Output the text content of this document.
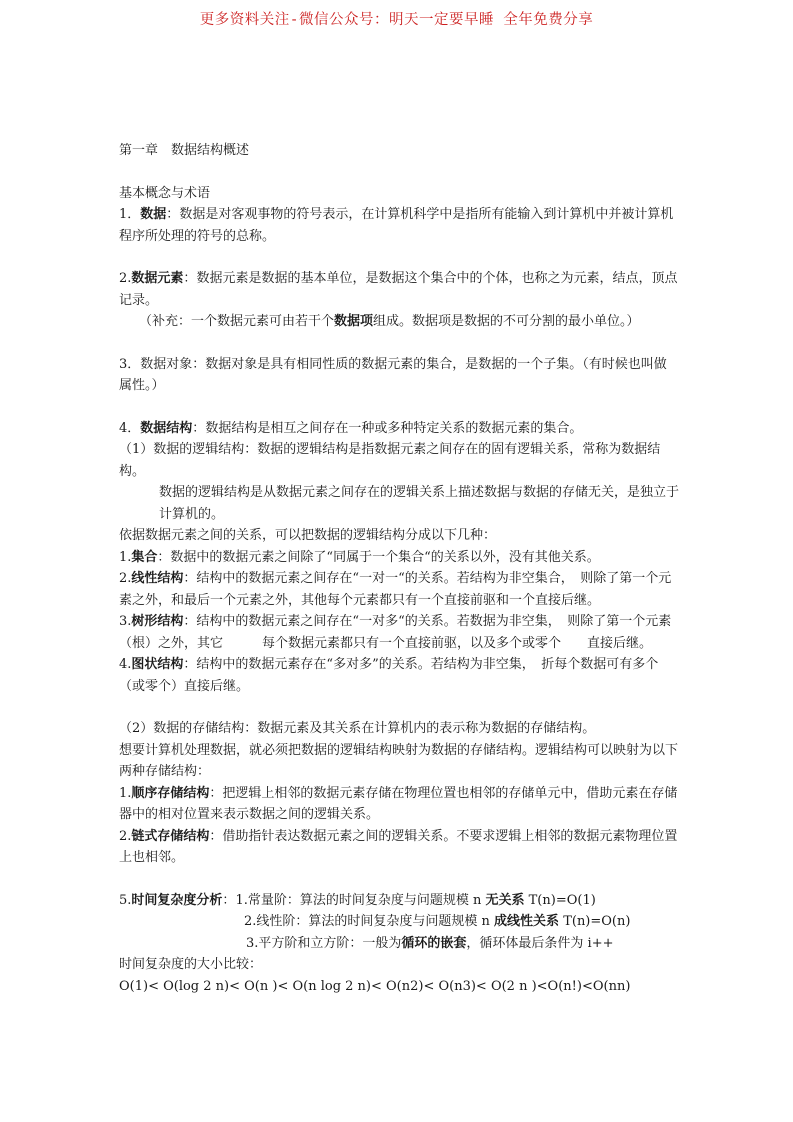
更多资料关注-微信公众号：明天一定要早睡 全年免费分享

第一章　数据结构概述

基本概念与术语

1．数据：数据是对客观事物的符号表示，在计算机科学中是指所有能输入到计算机中并被计算机程序所处理的符号的总称。

2.数据元素：数据元素是数据的基本单位，是数据这个集合中的个体，也称之为元素，结点，顶点记录。

（补充：一个数据元素可由若干个数据项组成。数据项是数据的不可分割的最小单位。）

3．数据对象：数据对象是具有相同性质的数据元素的集合，是数据的一个子集。（有时候也叫做属性。）

4．数据结构：数据结构是相互之间存在一种或多种特定关系的数据元素的集合。

（1）数据的逻辑结构：数据的逻辑结构是指数据元素之间存在的固有逻辑关系，常称为数据结构。

数据的逻辑结构是从数据元素之间存在的逻辑关系上描述数据与数据的存储无关，是独立于计算机的。

依据数据元素之间的关系，可以把数据的逻辑结构分成以下几种：

1.集合：数据中的数据元素之间除了“同属于一个集合“的关系以外，没有其他关系。

2.线性结构：结构中的数据元素之间存在“一对一“的关系。若结构为非空集合，　则除了第一个元素之外，和最后一个元素之外，其他每个元素都只有一个直接前驱和一个直接后继。

3.树形结构：结构中的数据元素之间存在“一对多“的关系。若数据为非空集，　则除了第一个元素（根）之外，其它　　　每个数据元素都只有一个直接前驱，以及多个或零个　　直接后继。

4.图状结构：结构中的数据元素存在“多对多”的关系。若结构为非空集，　折每个数据可有多个（或零个）直接后继。

（2）数据的存储结构：数据元素及其关系在计算机内的表示称为数据的存储结构。

想要计算机处理数据，就必须把数据的逻辑结构映射为数据的存储结构。逻辑结构可以映射为以下两种存储结构：

1.顺序存储结构：把逻辑上相邻的数据元素存储在物理位置也相邻的存储单元中，借助元素在存储器中的相对位置来表示数据之间的逻辑关系。

2.链式存储结构：借助指针表达数据元素之间的逻辑关系。不要求逻辑上相邻的数据元素物理位置上也相邻。

5.时间复杂度分析：1.常量阶：算法的时间复杂度与问题规模 n 无关系 T(n)=O(1)

2.线性阶：算法的时间复杂度与问题规模 n 成线性关系 T(n)=O(n)

3.平方阶和立方阶：一般为循环的嵌套，循环体最后条件为 i++

时间复杂度的大小比较：

O(1)< O(log 2 n)< O(n )< O(n log 2 n)< O(n2)< O(n3)< O(2 n )<O(n!)<O(nn)
